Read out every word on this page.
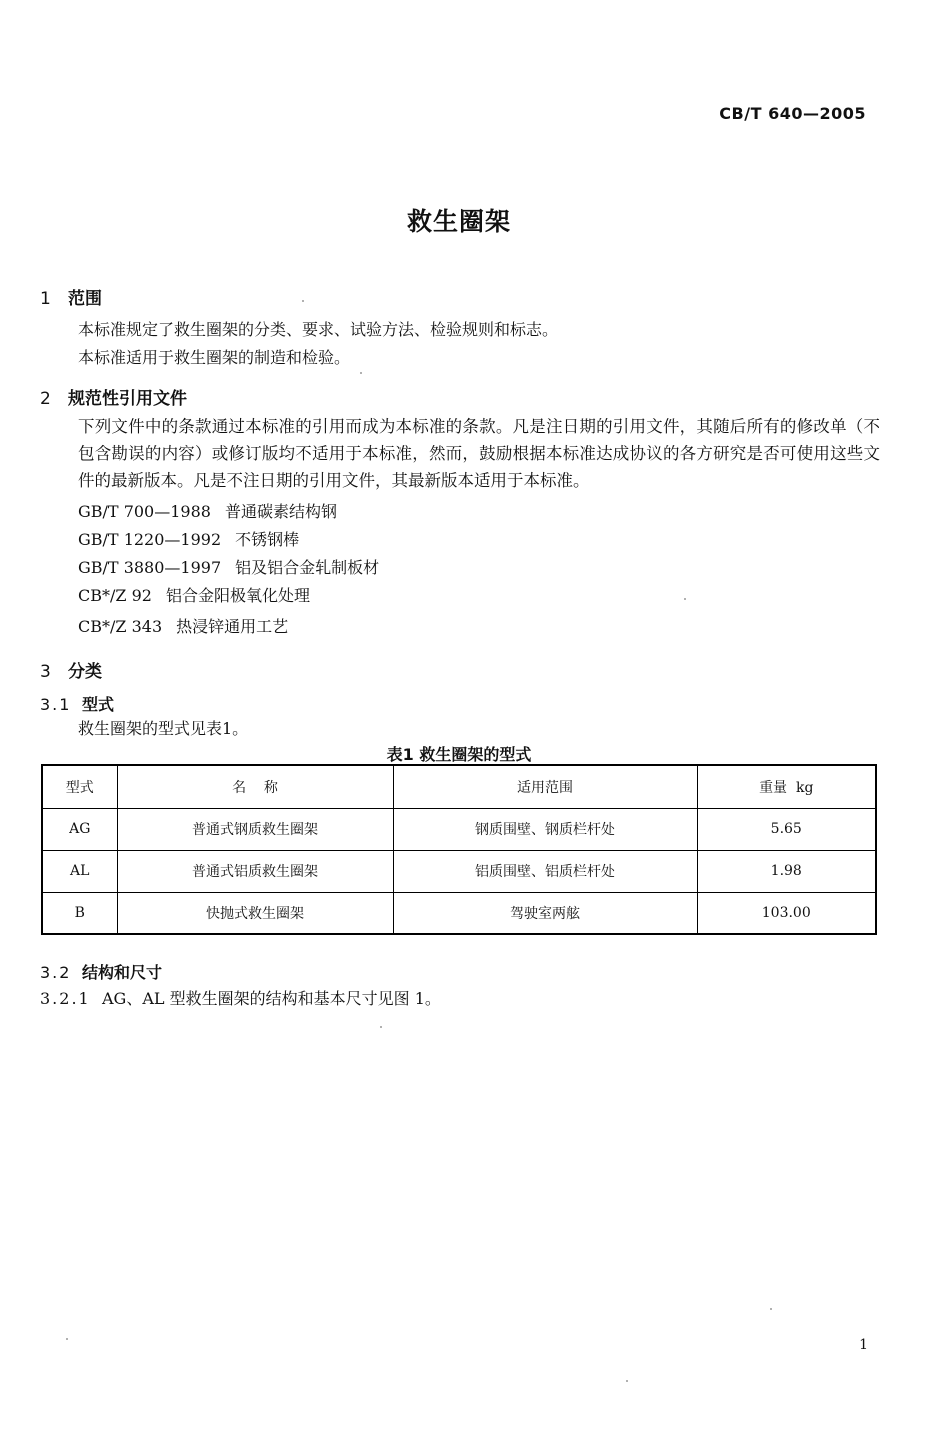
CB/T 640—2005
救生圈架
1 范围
本标准规定了救生圈架的分类、要求、试验方法、检验规则和标志。
本标准适用于救生圈架的制造和检验。
2 规范性引用文件
下列文件中的条款通过本标准的引用而成为本标准的条款。凡是注日期的引用文件，其随后所有的修改单（不包含勘误的内容）或修订版均不适用于本标准，然而，鼓励根据本标准达成协议的各方研究是否可使用这些文件的最新版本。凡是不注日期的引用文件，其最新版本适用于本标准。
GB/T 700—1988 普通碳素结构钢
GB/T 1220—1992 不锈钢棒
GB/T 3880—1997 铝及铝合金轧制板材
CB*/Z 92 铝合金阳极氧化处理
CB*/Z 343 热浸锌通用工艺
3 分类
3.1 型式
救生圈架的型式见表1。
表1 救生圈架的型式
型式	名    称	适用范围	重量  kg
AG	普通式钢质救生圈架	钢质围壁、钢质栏杆处	5.65
AL	普通式铝质救生圈架	铝质围壁、铝质栏杆处	1.98
B	快抛式救生圈架	驾驶室两舷	103.00
3.2 结构和尺寸
3.2.1 AG、AL 型救生圈架的结构和基本尺寸见图 1。
1
